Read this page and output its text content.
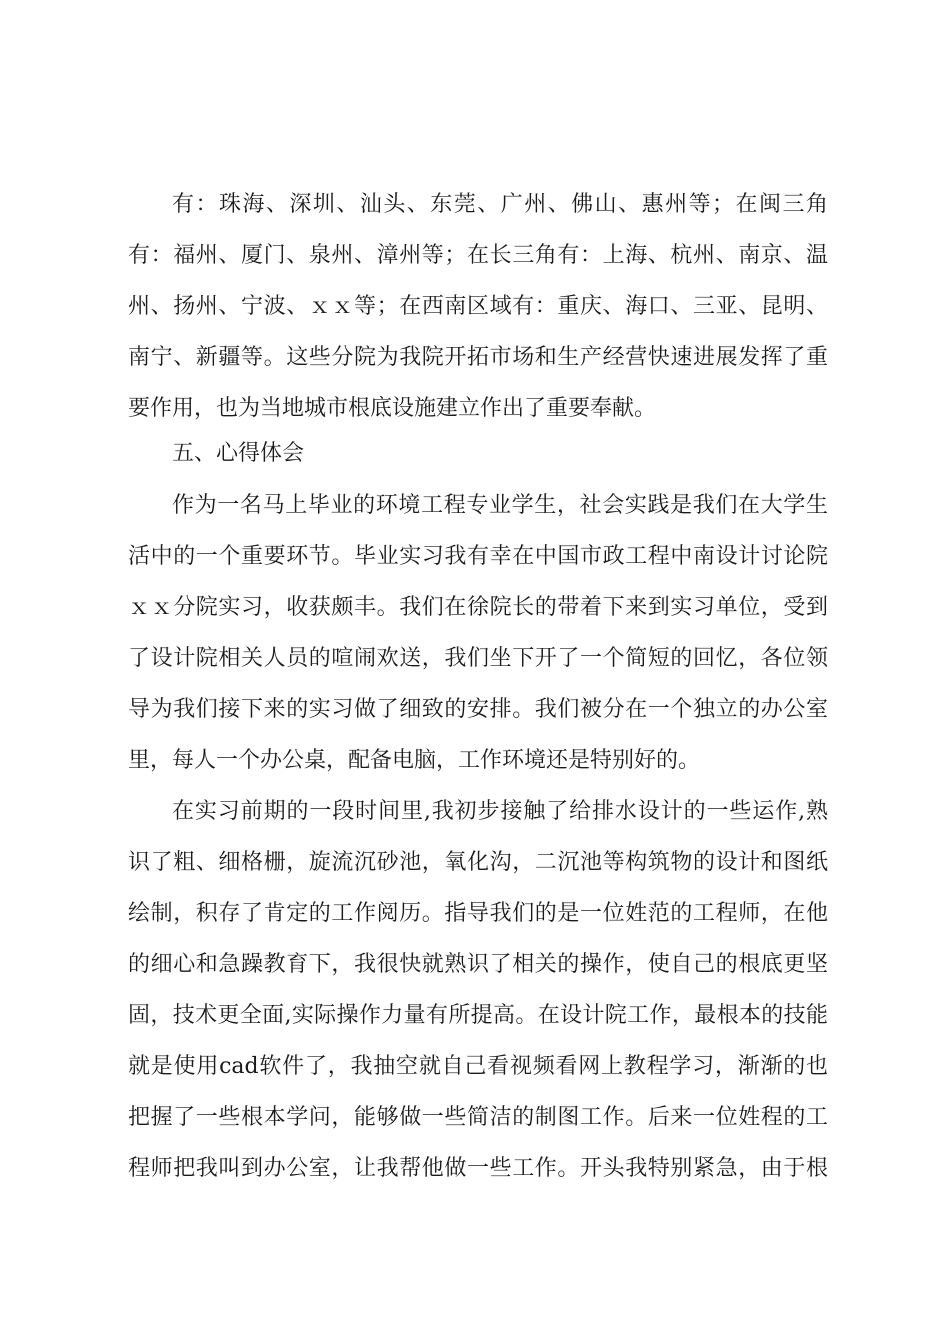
有：珠海、深圳、汕头、东莞、广州、佛山、惠州等；在闽三角
有：福州、厦门、泉州、漳州等；在长三角有：上海、杭州、南京、温
州、扬州、宁波、ｘｘ等；在西南区域有：重庆、海口、三亚、昆明、
南宁、新疆等。这些分院为我院开拓市场和生产经营快速进展发挥了重
要作用，也为当地城市根底设施建立作出了重要奉献。
五、心得体会
作为一名马上毕业的环境工程专业学生，社会实践是我们在大学生
活中的一个重要环节。毕业实习我有幸在中国市政工程中南设计讨论院
ｘｘ分院实习，收获颇丰。我们在徐院长的带着下来到实习单位，受到
了设计院相关人员的喧闹欢送，我们坐下开了一个简短的回忆，各位领
导为我们接下来的实习做了细致的安排。我们被分在一个独立的办公室
里，每人一个办公桌，配备电脑，工作环境还是特别好的。
在实习前期的一段时间里,我初步接触了给排水设计的一些运作,熟
识了粗、细格栅，旋流沉砂池，氧化沟，二沉池等构筑物的设计和图纸
绘制，积存了肯定的工作阅历。指导我们的是一位姓范的工程师，在他
的细心和急躁教育下，我很快就熟识了相关的操作，使自己的根底更坚
固，技术更全面,实际操作力量有所提高。在设计院工作，最根本的技能
就是使用cad软件了，我抽空就自己看视频看网上教程学习，渐渐的也
把握了一些根本学问，能够做一些简洁的制图工作。后来一位姓程的工
程师把我叫到办公室，让我帮他做一些工作。开头我特别紧急，由于根
